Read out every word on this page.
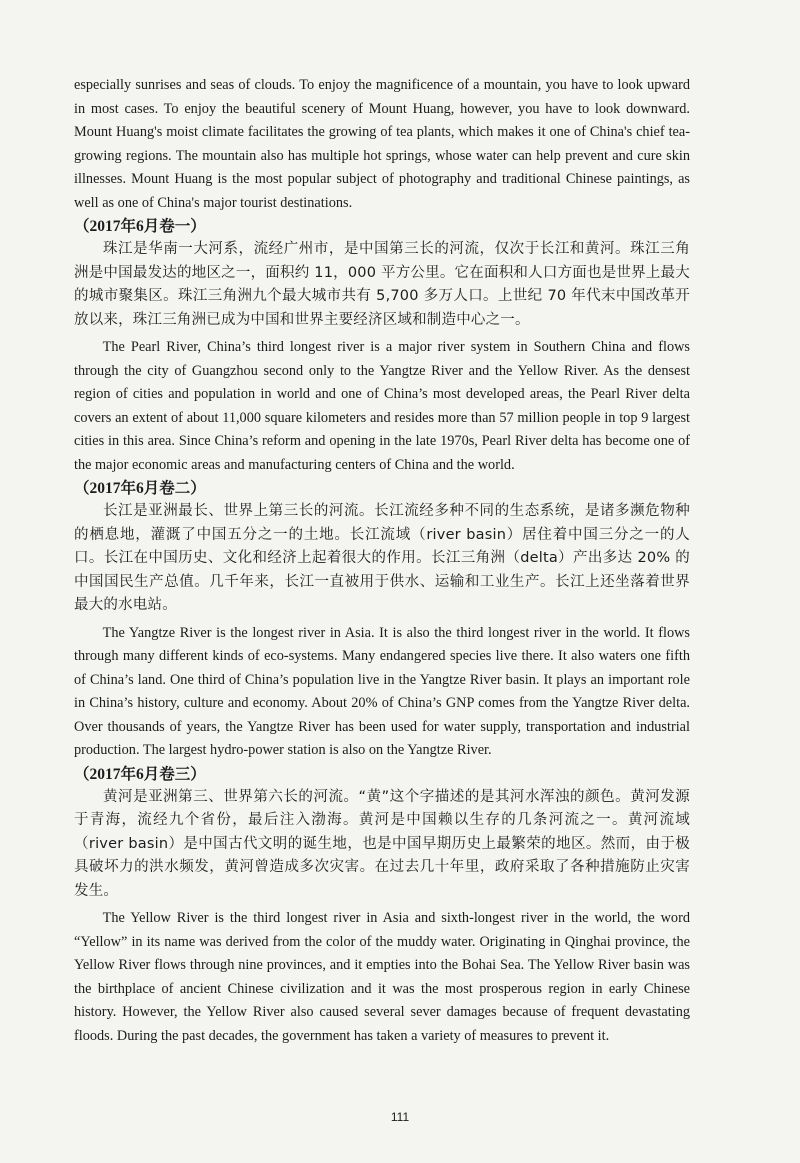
especially sunrises and seas of clouds. To enjoy the magnificence of a mountain, you have to look upward in most cases. To enjoy the beautiful scenery of Mount Huang, however, you have to look downward. Mount Huang's moist climate facilitates the growing of tea plants, which makes it one of China's chief tea-growing regions. The mountain also has multiple hot springs, whose water can help prevent and cure skin illnesses. Mount Huang is the most popular subject of photography and traditional Chinese paintings, as well as one of China's major tourist destinations.

（2017年6月卷一）

珠江是华南一大河系，流经广州市，是中国第三长的河流，仅次于长江和黄河。珠江三角洲是中国最发达的地区之一，面积约 11，000 平方公里。它在面积和人口方面也是世界上最大的城市聚集区。珠江三角洲九个最大城市共有 5,700 多万人口。上世纪 70 年代末中国改革开放以来，珠江三角洲已成为中国和世界主要经济区域和制造中心之一。

The Pearl River, China’s third longest river is a major river system in Southern China and flows through the city of Guangzhou second only to the Yangtze River and the Yellow River. As the densest region of cities and population in world and one of China’s most developed areas, the Pearl River delta covers an extent of about 11,000 square kilometers and resides more than 57 million people in top 9 largest cities in this area. Since China’s reform and opening in the late 1970s, Pearl River delta has become one of the major economic areas and manufacturing centers of China and the world.

（2017年6月卷二）

长江是亚洲最长、世界上第三长的河流。长江流经多种不同的生态系统，是诸多濒危物种的栖息地，灌溉了中国五分之一的土地。长江流域（river basin）居住着中国三分之一的人口。长江在中国历史、文化和经济上起着很大的作用。长江三角洲（delta）产出多达 20% 的中国国民生产总值。几千年来，长江一直被用于供水、运输和工业生产。长江上还坐落着世界最大的水电站。

The Yangtze River is the longest river in Asia. It is also the third longest river in the world. It flows through many different kinds of eco-systems. Many endangered species live there. It also waters one fifth of China’s land. One third of China’s population live in the Yangtze River basin. It plays an important role in China’s history, culture and economy. About 20% of China’s GNP comes from the Yangtze River delta. Over thousands of years, the Yangtze River has been used for water supply, transportation and industrial production. The largest hydro-power station is also on the Yangtze River.

（2017年6月卷三）

黄河是亚洲第三、世界第六长的河流。“黄”这个字描述的是其河水浑浊的颜色。黄河发源于青海，流经九个省份，最后注入渤海。黄河是中国赖以生存的几条河流之一。黄河流域（river basin）是中国古代文明的诞生地，也是中国早期历史上最繁荣的地区。然而，由于极具破坏力的洪水频发，黄河曾造成多次灾害。在过去几十年里，政府采取了各种措施防止灾害发生。

The Yellow River is the third longest river in Asia and sixth-longest river in the world, the word “Yellow” in its name was derived from the color of the muddy water. Originating in Qinghai province, the Yellow River flows through nine provinces, and it empties into the Bohai Sea. The Yellow River basin was the birthplace of ancient Chinese civilization and it was the most prosperous region in early Chinese history. However, the Yellow River also caused several sever damages because of frequent devastating floods. During the past decades, the government has taken a variety of measures to prevent it.

111
